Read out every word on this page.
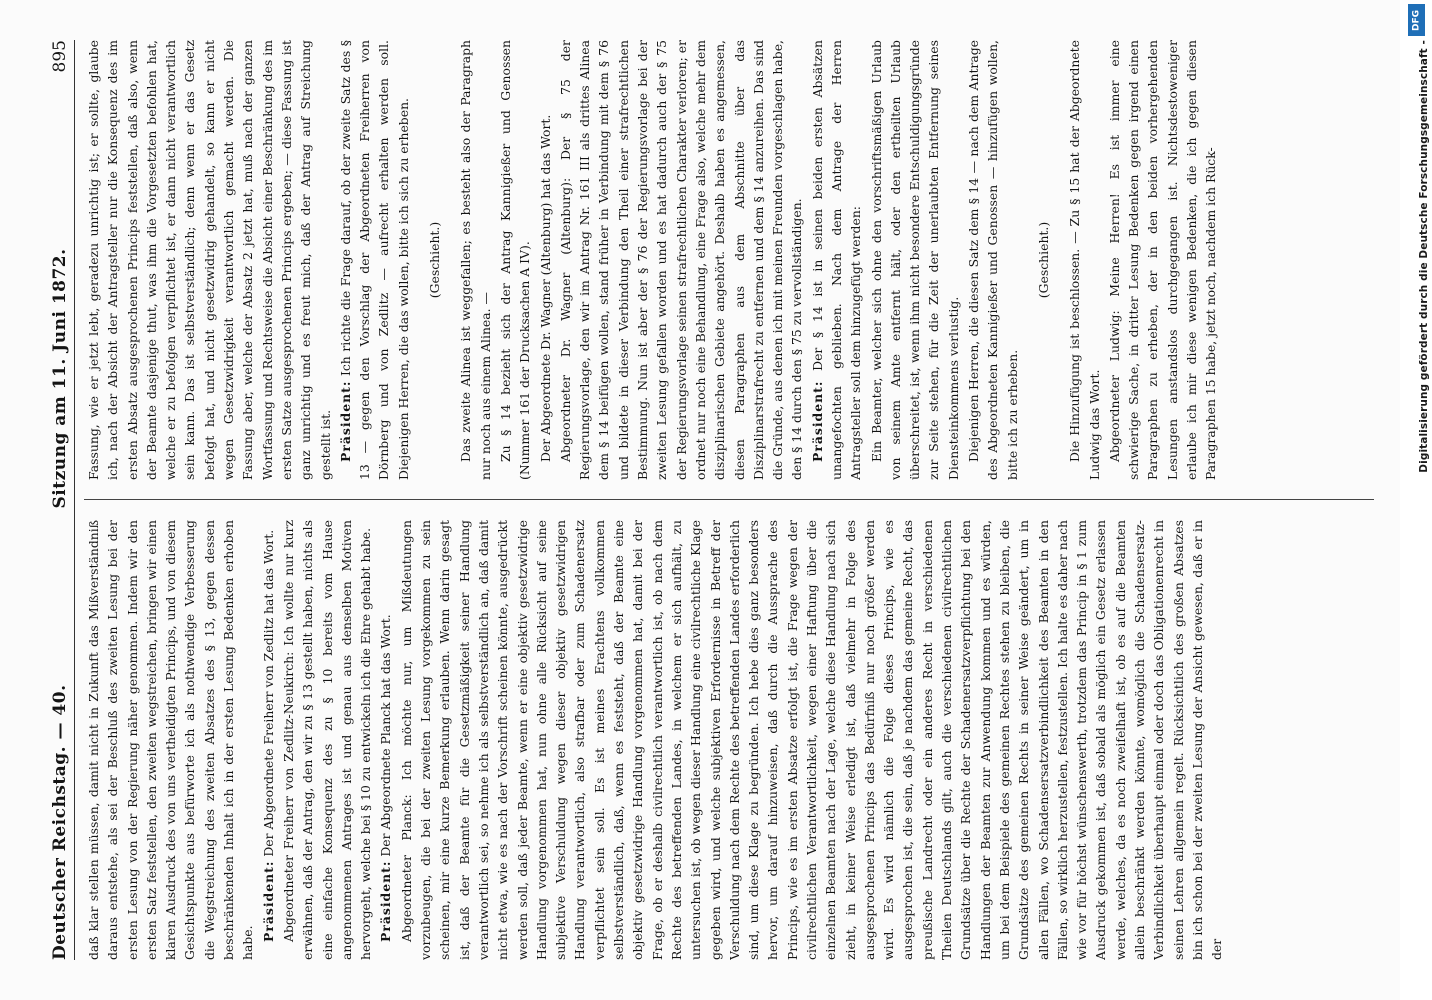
Deutscher Reichstag. — 40.
Sitzung am 11. Juni 1872.
895

daß klar stellen müssen, damit nicht in Zukunft das Mißverständniß daraus entstehe, als sei der Beschluß des zweiten Lesung bei der ersten Lesung von der Regierung näher genommen. Indem wir den ersten Satz feststellen, den zweiten wegstreichen, bringen wir einen klaren Ausdruck des von uns vertheidigten Princips, und von diesem Gesichtspunkte aus befürworte ich als nothwendige Verbesserung die Wegstreichung des zweiten Absatzes des § 13, gegen dessen beschränkenden Inhalt ich in der ersten Lesung Bedenken erhoben habe.

Präsident: Der Abgeordnete Freiherr von Zedlitz hat das Wort. Abgeordneter Freiherr von Zedlitz-Neukirch: Ich wollte nur kurz erwähnen, daß der Antrag, den wir zu § 13 gestellt haben, nichts als eine einfache Konsequenz des zu § 10 bereits vom Hause angenommenen Antrages ist und genau aus denselben Motiven hervorgeht, welche bei § 10 zu entwickeln ich die Ehre gehabt habe. Präsident: Der Abgeordnete Planck hat das Wort. Abgeordneter Planck: Ich möchte nur, um Mißdeutungen vorzubeugen, die bei der zweiten Lesung vorgekommen zu sein scheinen, mir eine kurze Bemerkung erlauben. Wenn darin gesagt ist, daß der Beamte für die Gesetzmäßigkeit seiner Handlung verantwortlich sei, so nehme ich als selbstverständlich an, daß damit nicht etwa, wie es nach der Vorschrift scheinen könnte, ausgedrückt werden soll, daß jeder Beamte, wenn er eine objektiv gesetzwidrige Handlung vorgenommen hat, nun ohne alle Rücksicht auf seine subjektive Verschuldung wegen dieser objektiv gesetzwidrigen Handlung verantwortlich, also strafbar oder zum Schadenersatz verpflichtet sein soll. Es ist meines Erachtens vollkommen selbstverständlich, daß, wenn es feststeht, daß der Beamte eine objektiv gesetzwidrige Handlung vorgenommen hat, damit bei der Frage, ob er deshalb civilrechtlich verantwortlich ist, ob nach dem Rechte des betreffenden Landes, in welchem er sich aufhält, zu untersuchen ist, ob wegen dieser Handlung eine civilrechtliche Klage gegeben wird, und welche subjektiven Erfordernisse in Betreff der Verschuldung nach dem Rechte des betreffenden Landes erforderlich sind, um diese Klage zu begründen. Ich hebe dies ganz besonders hervor, um darauf hinzuweisen, daß durch die Aussprache des Princips, wie es im ersten Absatze erfolgt ist, die Frage wegen der civilrechtlichen Verantwortlichkeit, wegen einer Haftung über die einzelnen Beamten nach der Lage, welche diese Handlung nach sich zieht, in keiner Weise erledigt ist, daß vielmehr in Folge des ausgesprochenen Princips das Bedürfniß nur noch größer werden wird. Es wird nämlich die Folge dieses Princips, wie es ausgesprochen ist, die sein, daß je nachdem das gemeine Recht, das preußische Landrecht oder ein anderes Recht in verschiedenen Theilen Deutschlands gilt, auch die verschiedenen civilrechtlichen Grundsätze über die Rechte der Schadenersatzverpflichtung bei den Handlungen der Beamten zur Anwendung kommen und es würden, um bei dem Beispiele des gemeinen Rechtes stehen zu bleiben, die Grundsätze des gemeinen Rechts in seiner Weise geändert, um in allen Fällen, wo Schadensersatzverbindlichkeit des Beamten in den Fällen, so wirklich herzustellen, festzustellen. Ich halte es daher nach wie vor für höchst wünschenswerth, trotzdem das Princip in § 1 zum Ausdruck gekommen ist, daß sobald als möglich ein Gesetz erlassen werde, welches, da es noch zweifelhaft ist, ob es auf die Beamten allein beschränkt werden könnte, womöglich die Schadensersatz-Verbindlichkeit überhaupt einmal oder doch das Obligationenrecht in seinen Lehren allgemein regelt. Rücksichtlich des großen Absatzes bin ich schon bei der zweiten Lesung der Ansicht gewesen, daß er in der

Fassung, wie er jetzt lebt, geradezu unrichtig ist; er sollte, glaube ich, nach der Absicht der Antragsteller nur die Konsequenz des im ersten Absatz ausgesprochenen Princips feststellen, daß also, wenn der Beamte dasjenige thut, was ihm die Vorgesetzten befohlen hat, welche er zu befolgen verpflichtet ist, er dann nicht verantwortlich sein kann. Das ist selbstverständlich; denn wenn er das Gesetz befolgt hat, und nicht gesetzwidrig gehandelt, so kann er nicht wegen Gesetzwidrigkeit verantwortlich gemacht werden. Die Fassung aber, welche der Absatz 2 jetzt hat, muß nach der ganzen Wortfassung und Rechtsweise die Absicht einer Beschränkung des im ersten Satze ausgesprochenen Princips ergeben; — diese Fassung ist ganz unrichtig und es freut mich, daß der Antrag auf Streichung gestellt ist. Präsident: Ich richte die Frage darauf, ob der zweite Satz des § 13 — gegen den Vorschlag der Abgeordneten Freiherren von Dörnberg und von Zedlitz — aufrecht erhalten werden soll. Diejenigen Herren, die das wollen, bitte ich sich zu erheben. (Geschieht.) Das zweite Alinea ist weggefallen; es besteht also der Paragraph nur noch aus einem Alinea. — Zu § 14 bezieht sich der Antrag Kannigießer und Genossen (Nummer 161 der Drucksachen A IV). Der Abgeordnete Dr. Wagner (Altenburg) hat das Wort. Abgeordneter Dr. Wagner (Altenburg): Der § 75 der Regierungsvorlage, den wir im Antrag Nr. 161 III als drittes Alinea dem § 14 beifügen wollen, stand früher in Verbindung mit dem § 76 und bildete in dieser Verbindung den Theil einer strafrechtlichen Bestimmung. Nun ist aber der § 76 der Regierungsvorlage bei der zweiten Lesung gefallen worden und es hat dadurch auch der § 75 der Regierungsvorlage seinen strafrechtlichen Charakter verloren; er ordnet nur noch eine Behandlung, eine Frage also, welche mehr dem disziplinarischen Gebiete angehört. Deshalb haben es angemessen, diesen Paragraphen aus dem Abschnitte über das Disziplinarstrafrecht zu entfernen und dem § 14 anzureihen. Das sind die Gründe, aus denen ich mit meinen Freunden vorgeschlagen habe, den § 14 durch den § 75 zu vervollständigen. Präsident: Der § 14 ist in seinen beiden ersten Absätzen unangefochten geblieben. Nach dem Antrage der Herren Antragsteller soll dem hinzugefügt werden: Ein Beamter, welcher sich ohne den vorschriftsmäßigen Urlaub von seinem Amte entfernt hält, oder den ertheilten Urlaub überschreitet, ist, wenn ihm nicht besondere Entschuldigungsgründe zur Seite stehen, für die Zeit der unerlaubten Entfernung seines Diensteinkommens verlustig. Diejenigen Herren, die diesen Satz dem § 14 — nach dem Antrage des Abgeordneten Kannigießer und Genossen — hinzufügen wollen, bitte ich zu erheben.

(Geschieht.) Die Hinzufügung ist beschlossen. — Zu § 15 hat der Abgeordnete Ludwig das Wort. Abgeordneter Ludwig: Meine Herren! Es ist immer eine schwierige Sache, in dritter Lesung Bedenken gegen irgend einen Paragraphen zu erheben, der in den beiden vorhergehenden Lesungen anstandslos durchgegangen ist. Nichtsdestoweniger erlaube ich mir diese wenigen Bedenken, die ich gegen diesen Paragraphen 15 habe, jetzt noch, nachdem ich Rück-

DFG
Digitalisierung gefördert durch die Deutsche Forschungsgemeinschaft -
